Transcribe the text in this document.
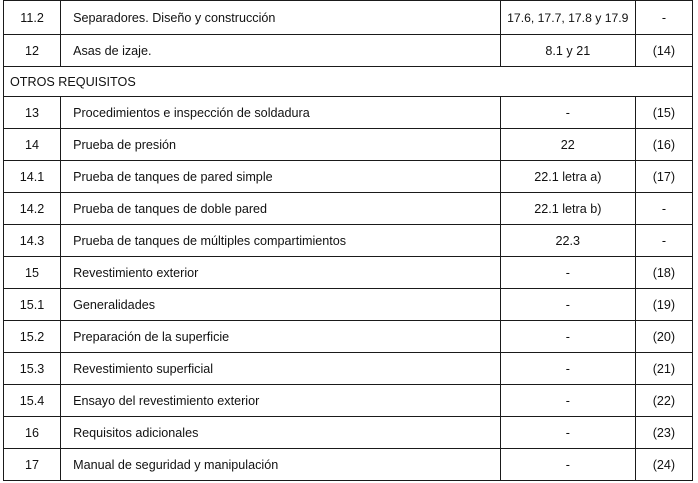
11.2	Separadores. Diseño y construcción	17.6, 17.7, 17.8 y 17.9	-
12	Asas de izaje.	8.1 y 21	(14)
OTROS REQUISITOS			
13	Procedimientos e inspección de soldadura	-	(15)
14	Prueba de presión	22	(16)
14.1	Prueba de tanques de pared simple	22.1 letra a)	(17)
14.2	Prueba de tanques de doble pared	22.1 letra b)	-
14.3	Prueba de tanques de múltiples compartimientos	22.3	-
15	Revestimiento exterior	-	(18)
15.1	Generalidades	-	(19)
15.2	Preparación de la superficie	-	(20)
15.3	Revestimiento superficial	-	(21)
15.4	Ensayo del revestimiento exterior	-	(22)
16	Requisitos adicionales	-	(23)
17	Manual de seguridad y manipulación	-	(24)
